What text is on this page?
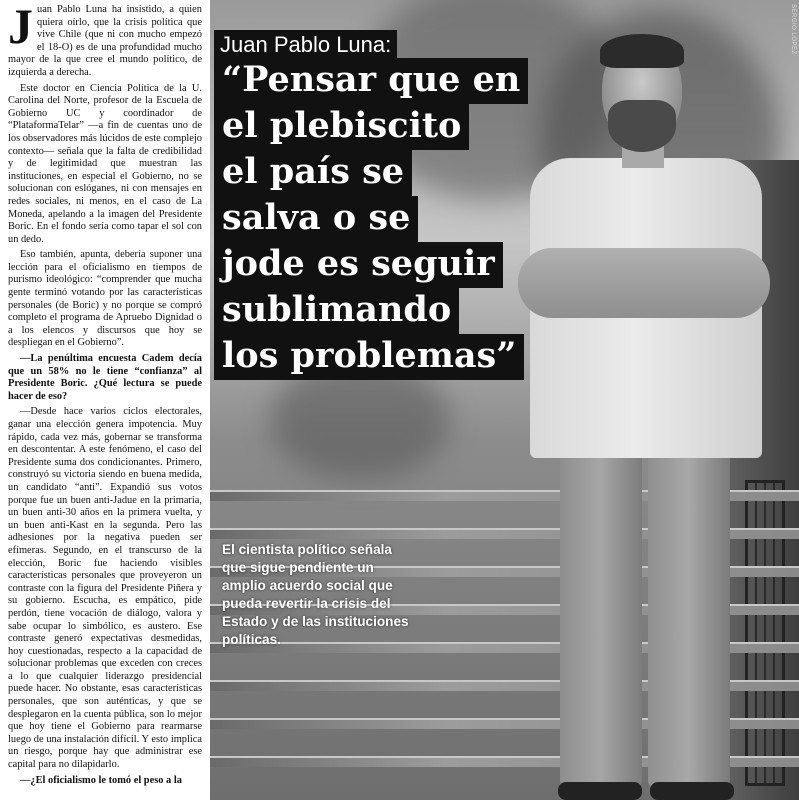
Juan Pablo Luna ha insistido, a quien quiera oírlo, que la crisis política que vive Chile (que ni con mucho empezó el 18-O) es de una profundidad mucho mayor de la que cree el mundo político, de izquierda a derecha.

Este doctor en Ciencia Política de la U. Carolina del Norte, profesor de la Escuela de Gobierno UC y coordinador de “PlataformaTelar” —a fin de cuentas uno de los observadores más lúcidos de este complejo contexto— señala que la falta de credibilidad y de legitimidad que muestran las instituciones, en especial el Gobierno, no se solucionan con eslóganes, ni con mensajes en redes sociales, ni menos, en el caso de La Moneda, apelando a la imagen del Presidente Boric. En el fondo sería como tapar el sol con un dedo.

Eso también, apunta, debería suponer una lección para el oficialismo en tiempos de purismo ideológico: “comprender que mucha gente terminó votando por las características personales (de Boric) y no porque se compró completo el programa de Apruebo Dignidad o a los elencos y discursos que hoy se despliegan en el Gobierno”.

—La penúltima encuesta Cadem decía que un 58% no le tiene “confianza” al Presidente Boric. ¿Qué lectura se puede hacer de eso?

—Desde hace varios ciclos electorales, ganar una elección genera impotencia. Muy rápido, cada vez más, gobernar se transforma en descontentar. A este fenómeno, el caso del Presidente suma dos condicionantes. Primero, construyó su victoria siendo en buena medida, un candidato “anti”. Expandió sus votos porque fue un buen anti-Jadue en la primaria, un buen anti-30 años en la primera vuelta, y un buen anti-Kast en la segunda. Pero las adhesiones por la negativa pueden ser efímeras. Segundo, en el transcurso de la elección, Boric fue haciendo visibles características personales que proveyeron un contraste con la figura del Presidente Piñera y su gobierno. Escucha, es empático, pide perdón, tiene vocación de diálogo, valora y sabe ocupar lo simbólico, es austero. Ese contraste generó expectativas desmedidas, hoy cuestionadas, respecto a la capacidad de solucionar problemas que exceden con creces a lo que cualquier liderazgo presidencial puede hacer. No obstante, esas características personales, que son auténticas, y que se desplegaron en la cuenta pública, son lo mejor que hoy tiene el Gobierno para rearmarse luego de una instalación difícil. Y esto implica un riesgo, porque hay que administrar ese capital para no dilapidarlo.

—¿El oficialismo le tomó el peso a la

SERGIO LÓPEZ
Juan Pablo Luna:
“Pensar que en
el plebiscito
el país se
salva o se
jode es seguir
sublimando
los problemas”
El cientista político señala que sigue pendiente un amplio acuerdo social que pueda revertir la crisis del Estado y de las instituciones políticas.
